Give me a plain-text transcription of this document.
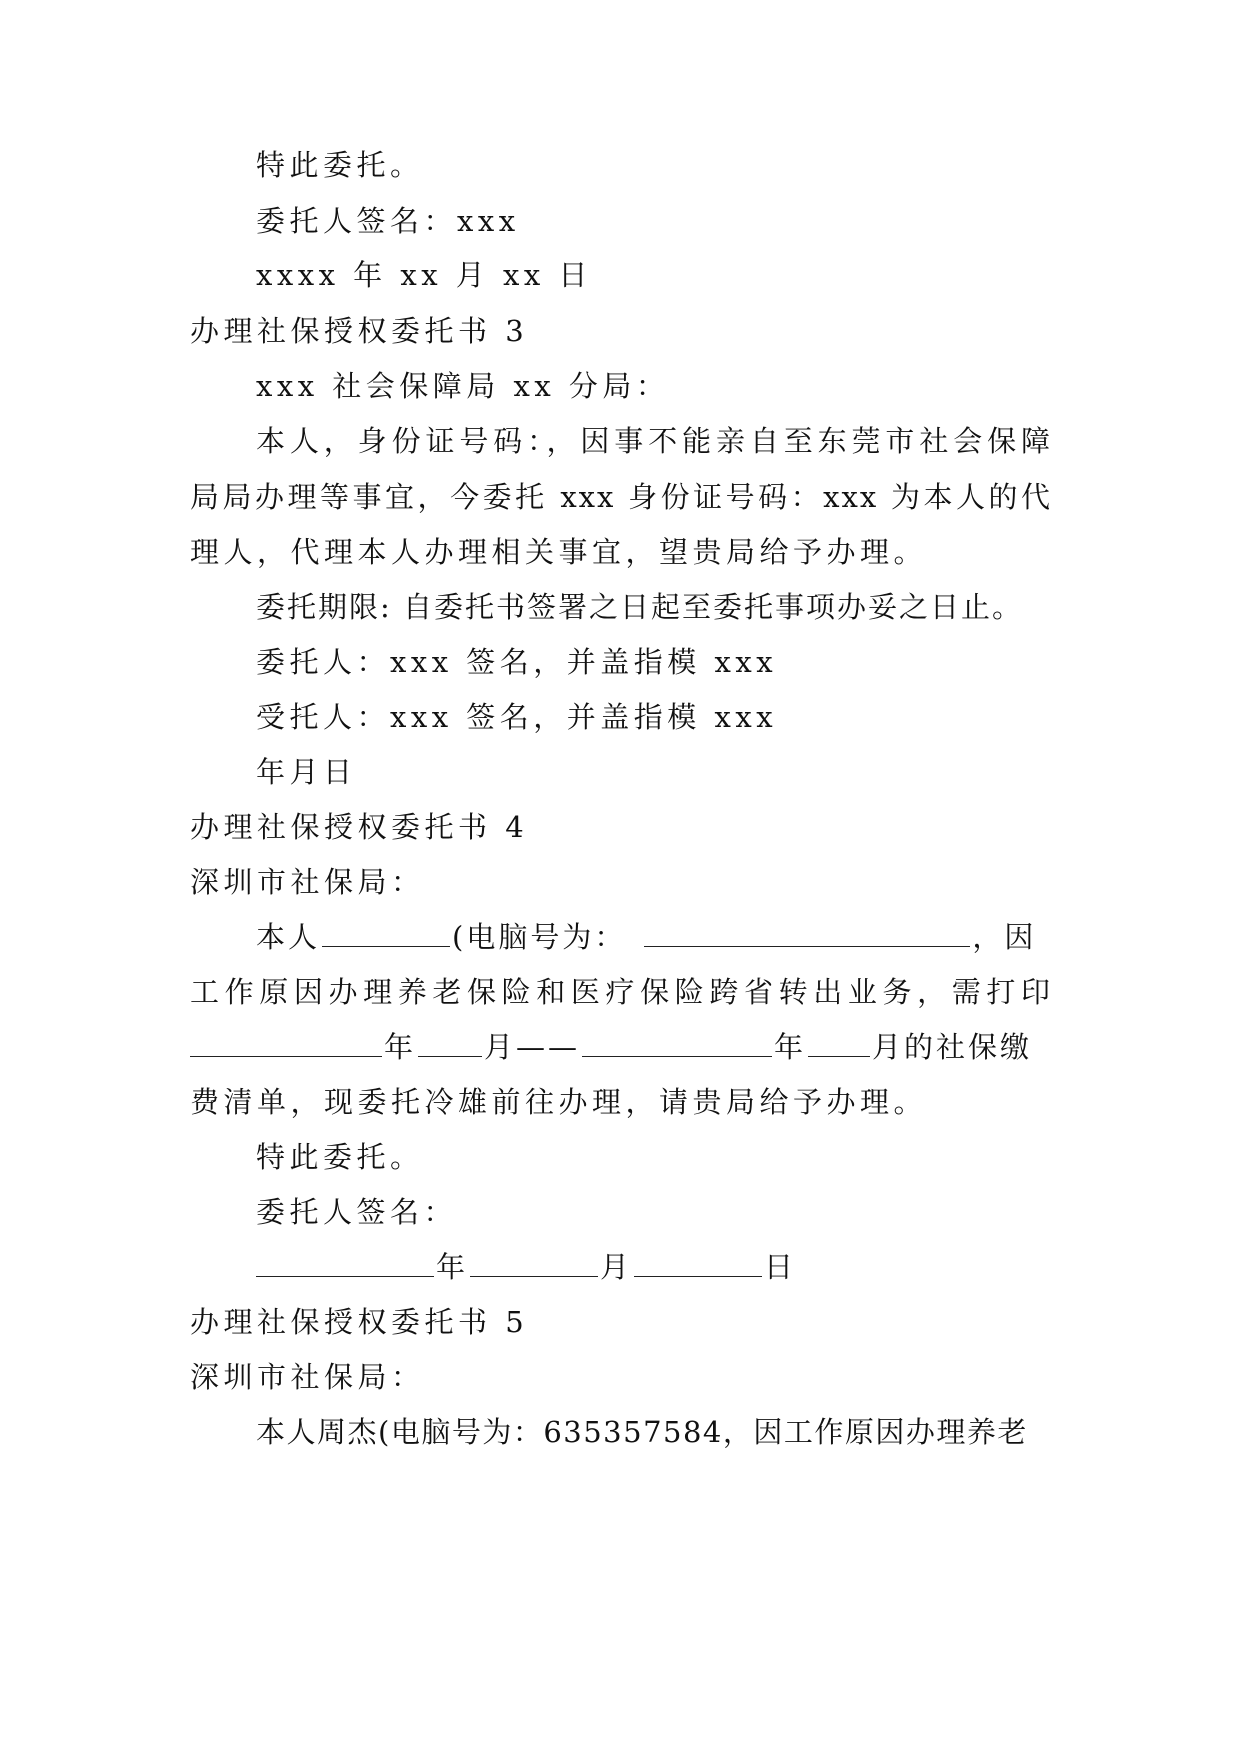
特此委托。
委托人签名：xxx
xxxx 年 xx 月 xx 日
办理社保授权委托书 3
xxx 社会保障局 xx 分局：
本人，身份证号码：，因事不能亲自至东莞市社会保障
局局办理等事宜，今委托 xxx 身份证号码：xxx 为本人的代
理人，代理本人办理相关事宜，望贵局给予办理。
委托期限: 自委托书签署之日起至委托事项办妥之日止。
委托人：xxx 签名，并盖指模 xxx
受托人：xxx 签名，并盖指模 xxx
年月日
办理社保授权委托书 4
深圳市社保局：
本人	(电脑号为：	，因
工作原因办理养老保险和医疗保险跨省转出业务，需打印
年 月——	年 月的社保缴
费清单，现委托冷雄前往办理，请贵局给予办理。
特此委托。
委托人签名：
年	月	日
办理社保授权委托书 5
深圳市社保局：
本人周杰(电脑号为：635357584，因工作原因办理养老
